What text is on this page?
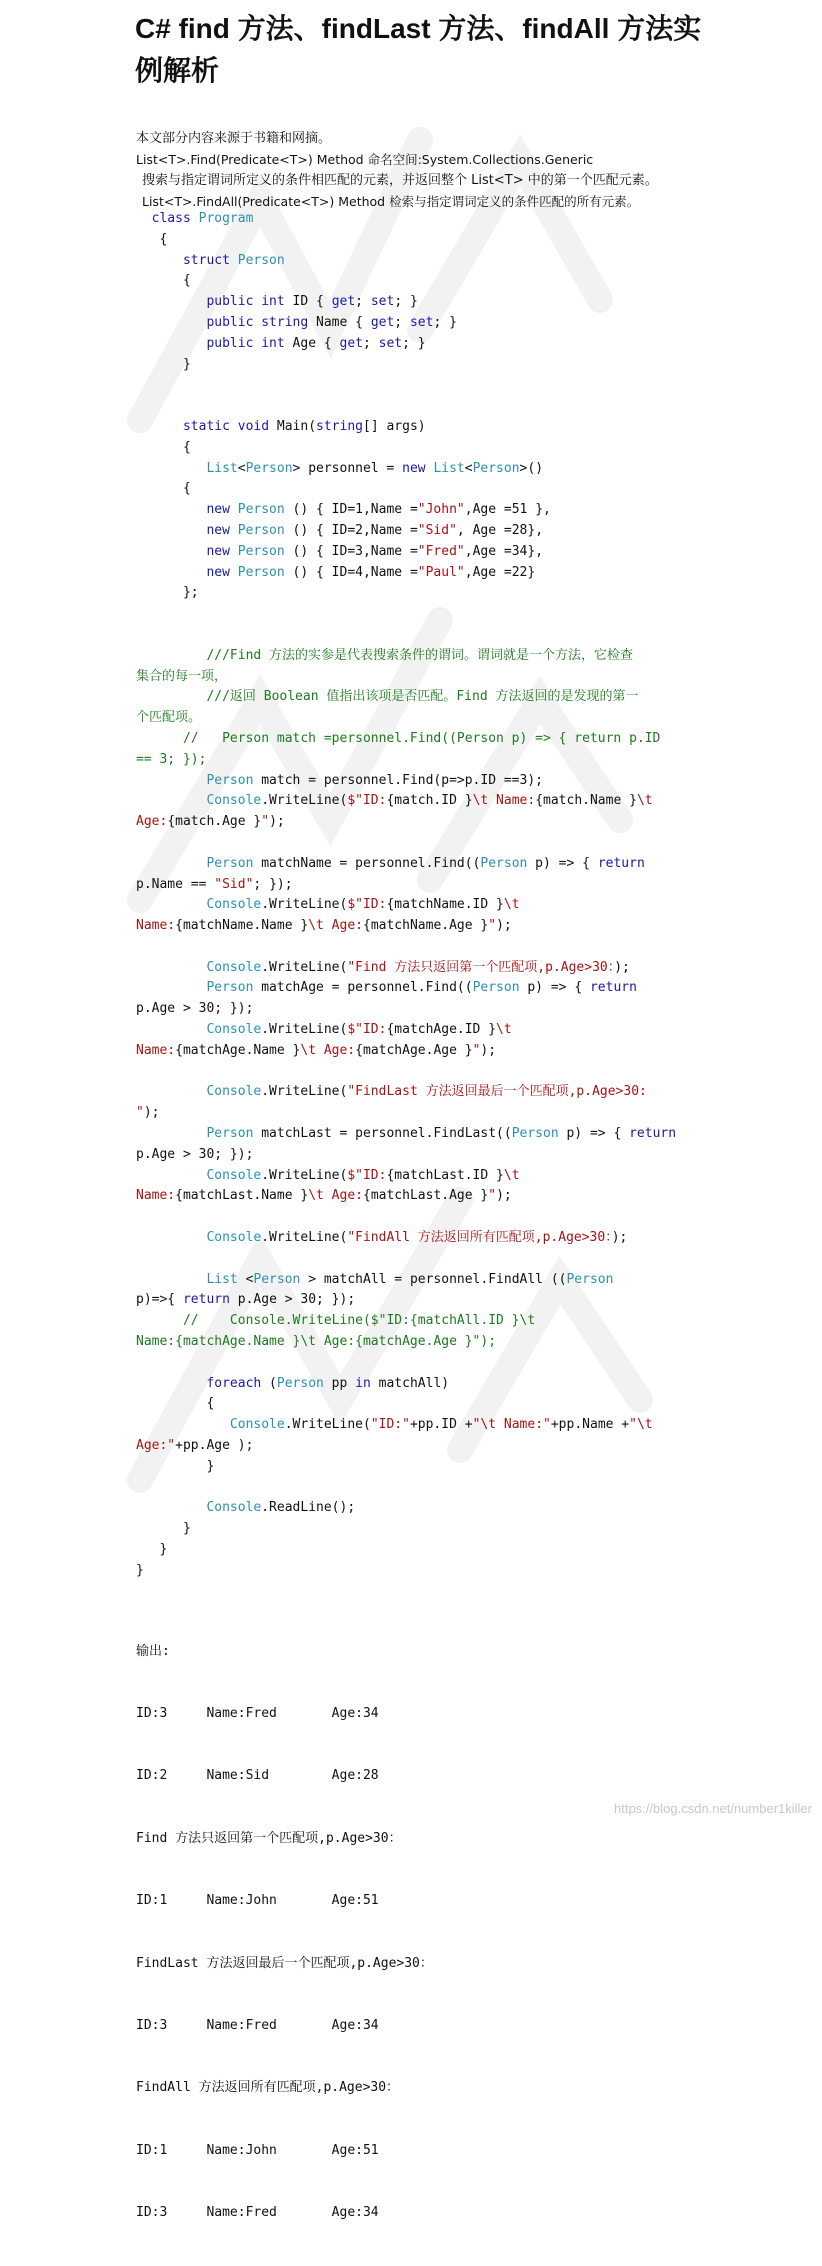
C# find 方法、findLast 方法、findAll 方法实例解析
本文部分内容来源于书籍和网摘。
List<T>.Find(Predicate<T>) Method 命名空间:System.Collections.Generic
搜索与指定谓词所定义的条件相匹配的元素，并返回整个 List<T> 中的第一个匹配元素。
List<T>.FindAll(Predicate<T>) Method 检索与指定谓词定义的条件匹配的所有元素。
class Program
{
struct Person
{
public int ID { get; set; }
public string Name { get; set; }
public int Age { get; set; }
}
static void Main(string[] args)
{
List<Person> personnel = new List<Person>()
{
new Person () { ID=1,Name ="John",Age =51 },
new Person () { ID=2,Name ="Sid", Age =28},
new Person () { ID=3,Name ="Fred",Age =34},
new Person () { ID=4,Name ="Paul",Age =22}
};
///Find 方法的实参是代表搜索条件的谓词。谓词就是一个方法，它检查
集合的每一项，
///返回 Boolean 值指出该项是否匹配。Find 方法返回的是发现的第一
个匹配项。
//   Person match =personnel.Find((Person p) => { return p.ID
== 3; });
Person match = personnel.Find(p=>p.ID ==3);
Console.WriteLine($"ID:{match.ID }\t Name:{match.Name }\t
Age:{match.Age }");
Person matchName = personnel.Find((Person p) => { return
p.Name == "Sid"; });
Console.WriteLine($"ID:{matchName.ID }\t
Name:{matchName.Name }\t Age:{matchName.Age }");
Console.WriteLine("Find 方法只返回第一个匹配项,p.Age>30：);
Person matchAge = personnel.Find((Person p) => { return
p.Age > 30; });
Console.WriteLine($"ID:{matchAge.ID }\t
Name:{matchAge.Name }\t Age:{matchAge.Age }");
Console.WriteLine("FindLast 方法返回最后一个匹配项,p.Age>30:
");
Person matchLast = personnel.FindLast((Person p) => { return
p.Age > 30; });
Console.WriteLine($"ID:{matchLast.ID }\t
Name:{matchLast.Name }\t Age:{matchLast.Age }");
Console.WriteLine("FindAll 方法返回所有匹配项,p.Age>30：);
List <Person > matchAll = personnel.FindAll ((Person
p)=>{ return p.Age > 30; });
//    Console.WriteLine($"ID:{matchAll.ID }\t
Name:{matchAge.Name }\t Age:{matchAge.Age }");
foreach (Person pp in matchAll)
{
Console.WriteLine("ID:"+pp.ID +"\t Name:"+pp.Name +"\t
Age:"+pp.Age );
}
Console.ReadLine();
}
}
}

输出:

ID:3     Name:Fred       Age:34

ID:2     Name:Sid        Age:28

Find 方法只返回第一个匹配项,p.Age>30：

ID:1     Name:John       Age:51

FindLast 方法返回最后一个匹配项,p.Age>30：

ID:3     Name:Fred       Age:34

FindAll 方法返回所有匹配项,p.Age>30：

ID:1     Name:John       Age:51

ID:3     Name:Fred       Age:34

https://blog.csdn.net/number1killer
